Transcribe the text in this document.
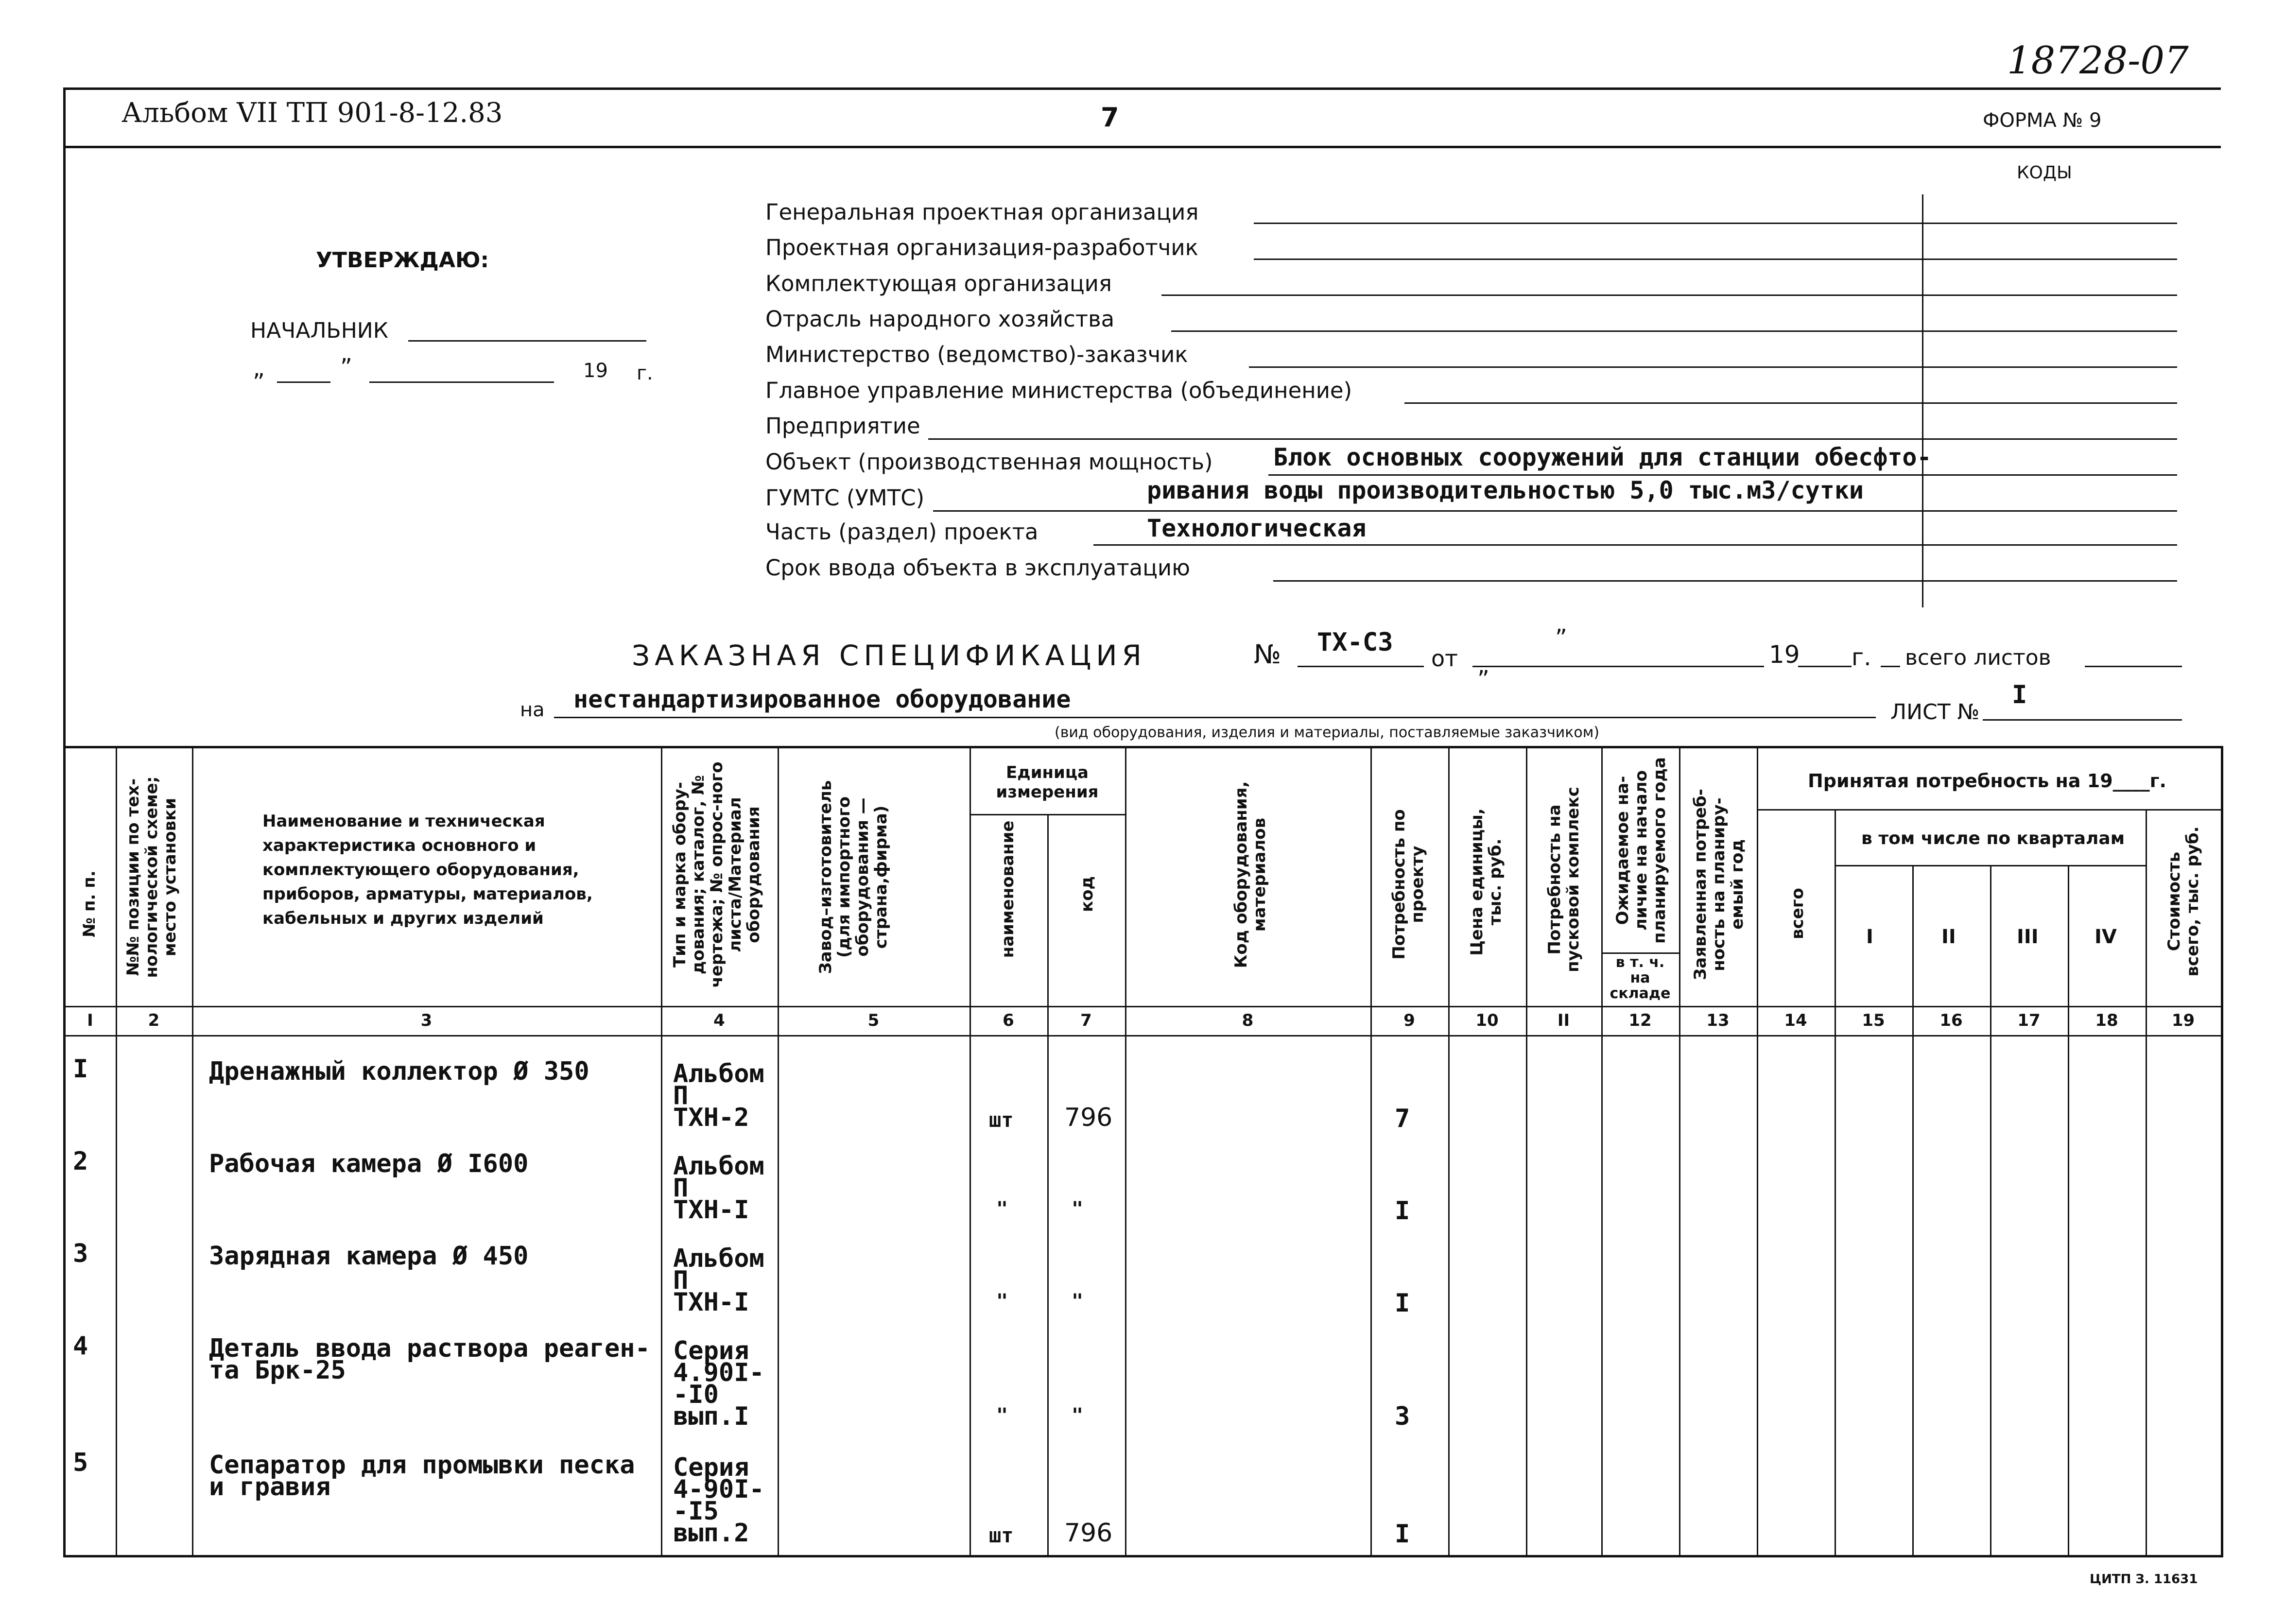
18728-07
Альбом VII ТП 901-8-12.83	7	ФОРМА № 9
КОДЫ
УТВЕРЖДАЮ:
НАЧАЛЬНИК
„	”	19 г.
Генеральная проектная организация
Проектная организация-разработчик
Комплектующая организация
Отрасль народного хозяйства
Министерство (ведомство)-заказчик
Главное управление министерства (объединение)
Предприятие
Объект (производственная мощность) Блок основных сооружений для станции обесфто-
ГУМТС (УМТС)	ривания воды производительностью 5,0 тыс.м3/сутки
Часть (раздел) проекта	Технологическая
Срок ввода объекта в эксплуатацию
ЗАКАЗНАЯ СПЕЦИФИКАЦИЯ	№ ТХ-С3
от
”
”
19 г. всего листов
на нестандартизированное оборудование	ЛИСТ №
I
(вид оборудования, изделия и материалы, поставляемые заказчиком)
№ п. п. №№ позиции по тех-нологической схеме; место установки	Наименование и техническая характеристика основного и комплектующего оборудования, приборов, арматуры, материалов, кабельных и других изделий	Тип и марка обору-дования; каталог, № чертежа; № опрос-ного листа/Материал оборудования	Завод–изготовитель (для импортного оборудования —страна,фирма)
Единица измерения
наименование	код	Код оборудования, материалов	Потребность по проекту Цена единицы, тыс. руб. Потребность на пусковой комплекс Ожидаемое на-личие на начало планируемого года
в т. ч. на складе
Заявленная потреб-ность на планиру-емый год
Принятая потребность на 19____г.
всего
в том числе по кварталам
I	II	III	IV	Стоимость всего, тыс. руб.
I	2	3	4	5	6	7	8	9	10	II	12	13	14	15	16	17	18	19
I	Дренажный коллектор Ø 350	Альбом
П
ТХН-2	шт 796	7
2	Рабочая камера Ø I600	Альбом
П
ТХН-I	"	"	I
3	Зарядная камера Ø 450	Альбом
П
ТХН-I	"	"	I
4	Деталь ввода раствора реаген-
та Брк-25
Серия
4.90I-
-I0
вып.I	"	"	3
5	Сепаратор для промывки песка
и гравия
Серия
4-90I-
-I5
вып.2	шт 796	I
ЦИТП З. 11631
